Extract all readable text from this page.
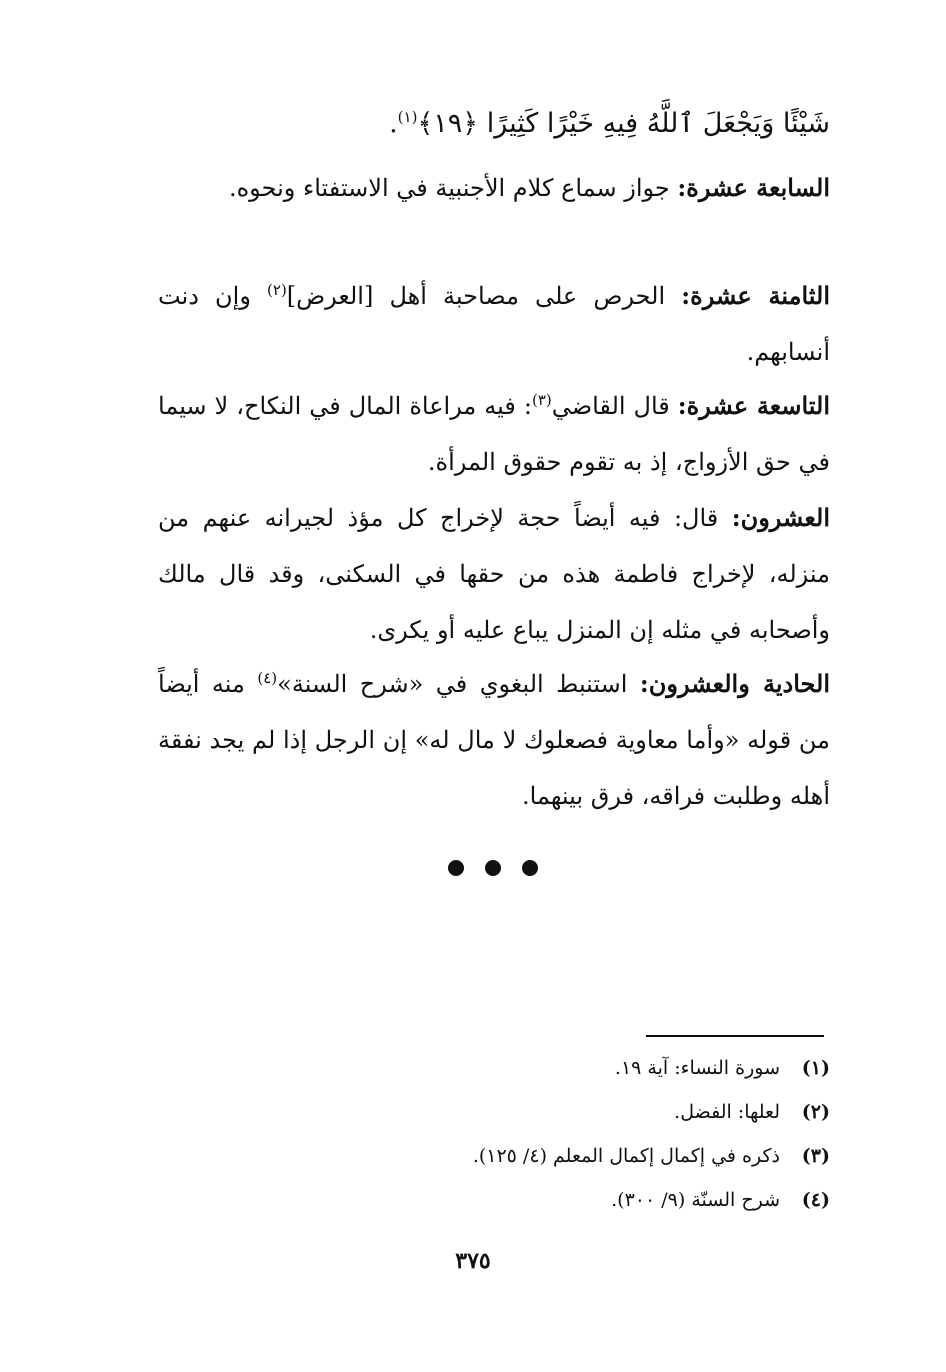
شَيْئًا وَيَجْعَلَ ٱللَّهُ فِيهِ خَيْرًا كَثِيرًا ﴿١٩﴾$^{(١)}$.
السابعة عشرة: جواز سماع كلام الأجنبية في الاستفتاء ونحوه.
الثامنة عشرة: الحرص على مصاحبة أهل [العرض]$^{(٢)}$ وإن دنت أنسابهم.
التاسعة عشرة: قال القاضي$^{(٣)}$: فيه مراعاة المال في النكاح، لا سيما في حق الأزواج، إذ به تقوم حقوق المرأة.
العشرون: قال: فيه أيضاً حجة لإخراج كل مؤذ لجيرانه عنهم من منزله، لإخراج فاطمة هذه من حقها في السكنى، وقد قال مالك وأصحابه في مثله إن المنزل يباع عليه أو يكرى.
الحادية والعشرون: استنبط البغوي في «شرح السنة»$^{(٤)}$ منه أيضاً من قوله «وأما معاوية فصعلوك لا مال له» إن الرجل إذا لم يجد نفقة أهله وطلبت فراقه، فرق بينهما.
(١)
سورة النساء: آية ١٩.
(٢)
لعلها: الفضل.
(٣)
ذكره في إكمال إكمال المعلم (٤/ ١٢٥).
(٤)
شرح السنّة (٩/ ٣٠٠).
٣٧٥
